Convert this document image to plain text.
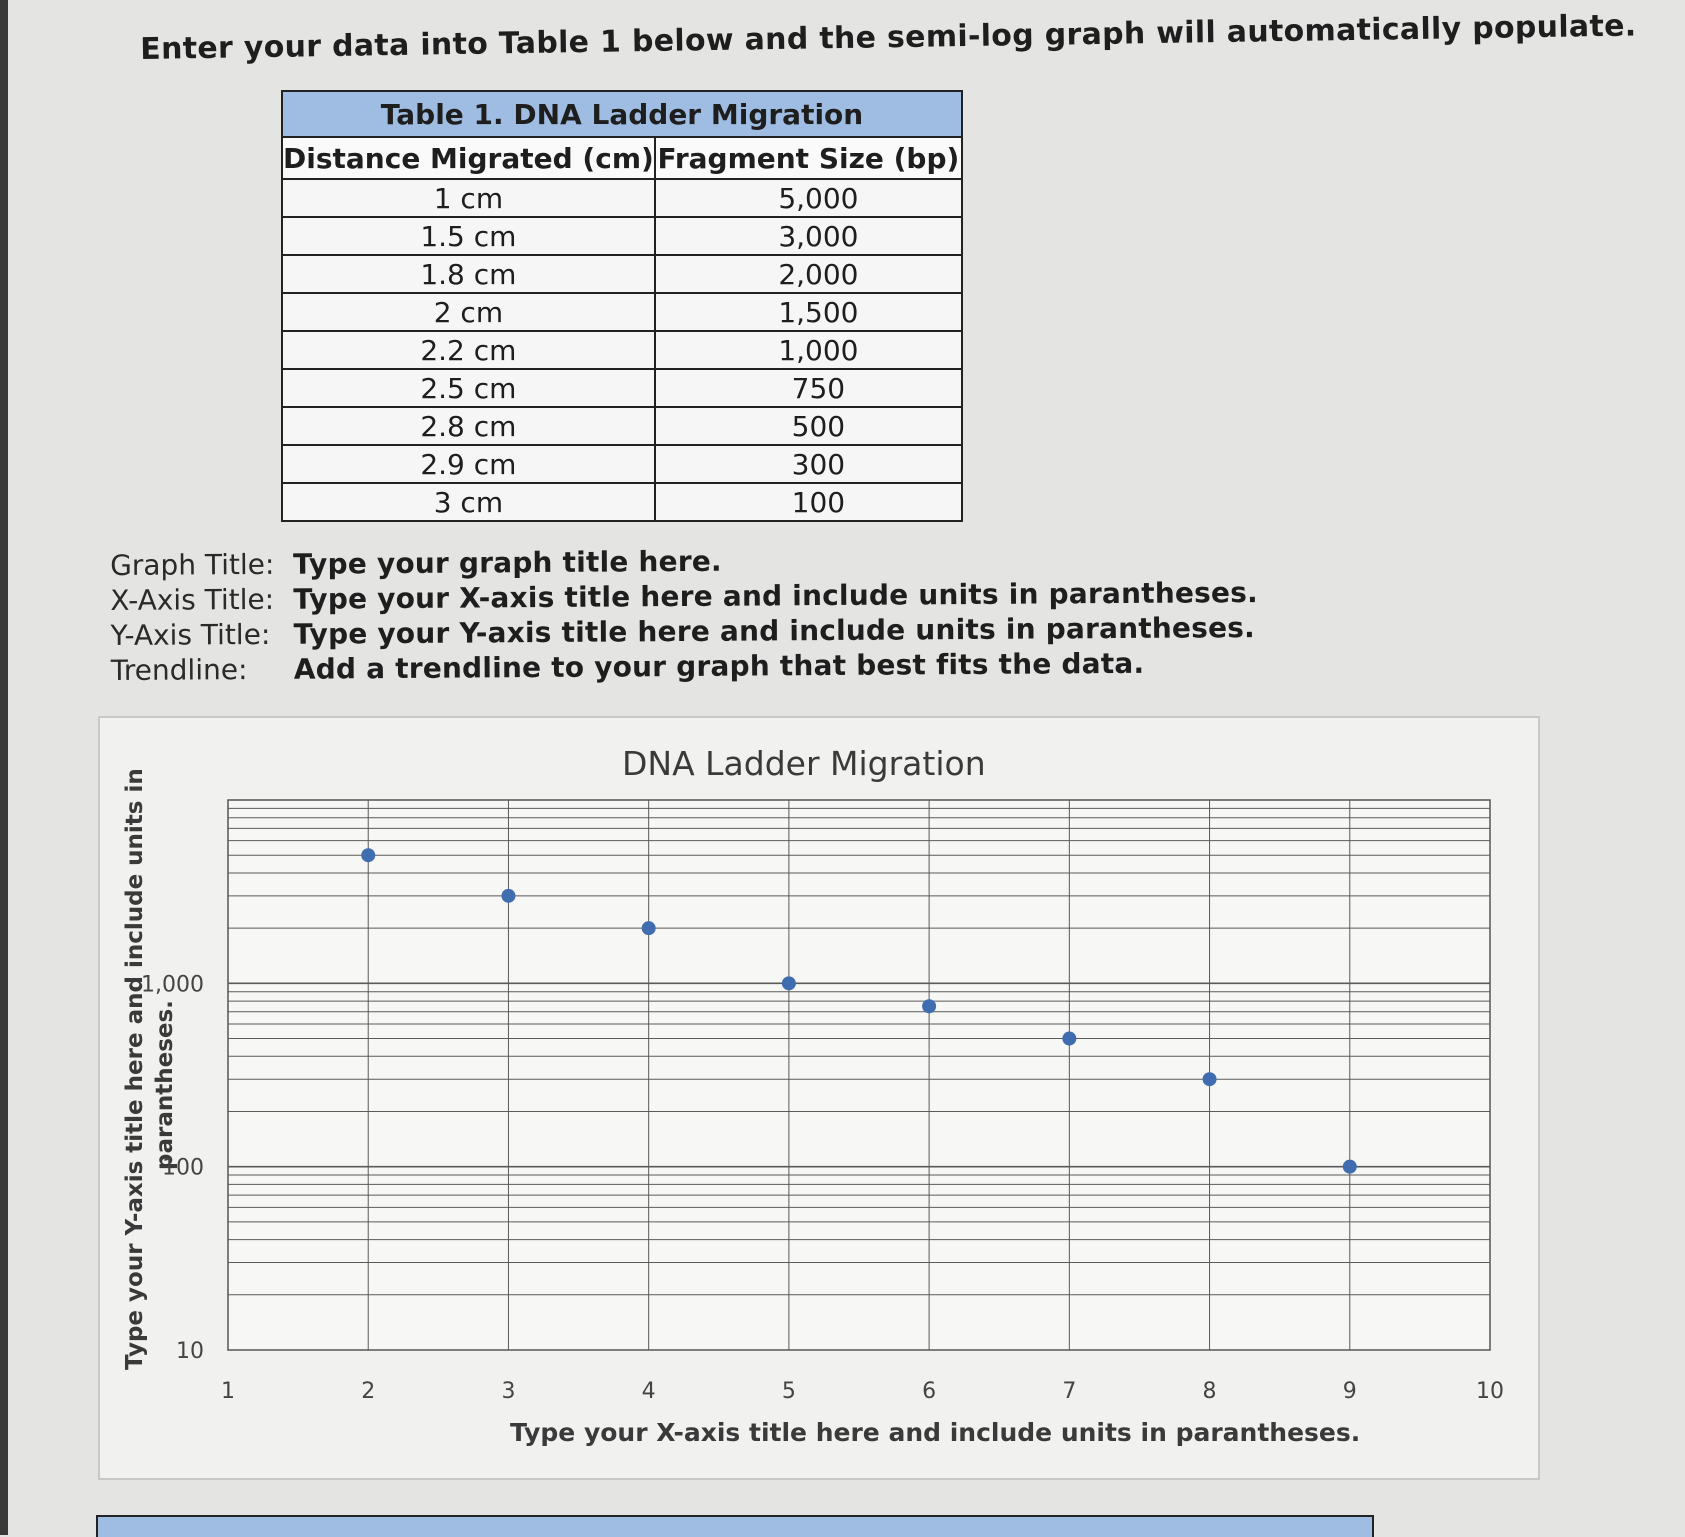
Enter your data into Table 1 below and the semi-log graph will automatically populate.
Table 1. DNA Ladder Migration	
Distance Migrated (cm)	Fragment Size (bp)
1 cm	5,000
1.5 cm	3,000
1.8 cm	2,000
2 cm	1,500
2.2 cm	1,000
2.5 cm	750
2.8 cm	500
2.9 cm	300
3 cm	100
Graph Title: Type your graph title here.
X-Axis Title: Type your X-axis title here and include units in parantheses.
Y-Axis Title: Type your Y-axis title here and include units in parantheses.
Trendline:	Add a trendline to your graph that best fits the data.
DNA Ladder Migration
Type your Y-axis title here and include units in parantheses.
Type your X-axis title here and include units in parantheses.
1	2	3	4	5	6	7	8	9	10
10
100
1,000
